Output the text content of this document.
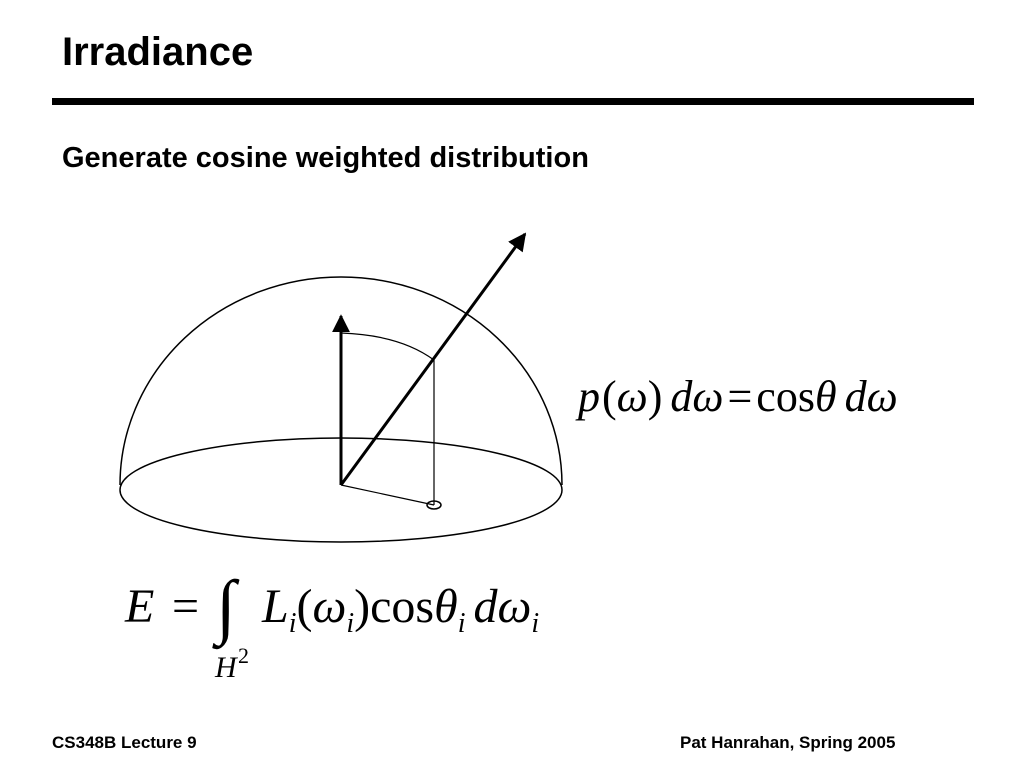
Irradiance
Generate cosine weighted distribution
p(ω) dω=cosθ dω
E = ∫
H 2
$L_i(\omega_i)\cos\theta_i$ $d\omega_i$
CS348B Lecture 9	Pat Hanrahan, Spring 2005
